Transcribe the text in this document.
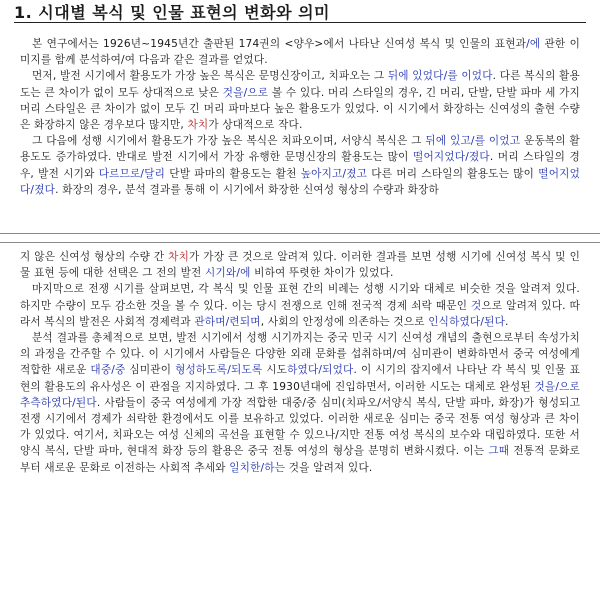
1. 시대별 복식 및 인물 표현의 변화와 의미

본 연구에서는 1926년~1945년간 출판된 174권의 <양우>에서 나타난 신여성 복식 및 인물의 표현과/에 관한 이미지를 함께 분석하여/여 다음과 같은 결과를 얻었다.

먼저, 발전 시기에서 활용도가 가장 높은 복식은 문명신장이고, 치파오는 그 뒤에 있었다/를 이었다. 다른 복식의 활용도는 큰 차이가 없이 모두 상대적으로 낮은 것을/으로 볼 수 있다. 머리 스타일의 경우, 긴 머리, 단발, 단발 파마 세 가지 머리 스타일은 큰 차이가 없이 모두 긴 머리 파마보다 높은 활용도가 있었다. 이 시기에서 화장하는 신여성의 출현 수량은 화장하지 않은 경우보다 많지만, 차치가 상대적으로 작다.

그 다음에 성행 시기에서 활용도가 가장 높은 복식은 치파오이며, 서양식 복식은 그 뒤에 있고/를 이었고 운동복의 활용도도 증가하였다. 반대로 발전 시기에서 가장 유행한 문명신장의 활용도는 많이 떨어지었다/졌다. 머리 스타일의 경우, 발전 시기와 다르므로/달리 단발 파마의 활용도는 활천 높아지고/졌고 다른 머리 스타일의 활용도는 많이 떨어지었다/졌다. 화장의 경우, 분석 결과를 통해 이 시기에서 화장한 신여성 형상의 수량과 화장하

지 않은 신여성 형상의 수량 간 차치가 가장 큰 것으로 알려져 있다. 이러한 결과를 보면 성행 시기에 신여성 복식 및 인물 표현 등에 대한 선택은 그 전의 발전 시기와/에 비하여 뚜렷한 차이가 있었다.

마지막으로 전쟁 시기를 살펴보면, 각 복식 및 인물 표현 간의 비례는 성행 시기와 대체로 비슷한 것을 알려져 있다. 하지만 수량이 모두 감소한 것을 볼 수 있다. 이는 당시 전쟁으로 인해 전국적 경제 쇠락 때문인 것으로 알려져 있다. 따라서 복식의 발전은 사회적 경제력과 관하며/련되며, 사회의 안정성에 의존하는 것으로 인식하였다/된다.

분석 결과를 총체적으로 보면, 발전 시기에서 성행 시기까지는 중국 민국 시기 신여성 개념의 출현으로부터 속성가치의 과정을 간주할 수 있다. 이 시기에서 사람들은 다양한 외래 문화를 섭취하며/여 심미관이 변화하면서 중국 여성에게 적합한 새로운 대중/중 심미관이 형성하도록/되도록 시도하였다/되었다. 이 시기의 잡지에서 나타난 각 복식 및 인물 표현의 활용도의 유사성은 이 관점을 지지하였다. 그 후 1930년대에 진입하면서, 이러한 시도는 대체로 완성된 것을/으로 추측하였다/된다. 사람들이 중국 여성에게 가장 적합한 대중/중 심미(치파오/서양식 복식, 단발 파마, 화장)가 형성되고 전쟁 시기에서 경제가 쇠락한 환경에서도 이를 보유하고 있었다. 이러한 새로운 심미는 중국 전통 여성 형상과 큰 차이가 있었다. 여기서, 치파오는 여성 신체의 곡선을 표현할 수 있으나/지만 전통 여성 복식의 보수와 대립하였다. 또한 서양식 복식, 단발 파마, 현대적 화장 등의 활용은 중국 전통 여성의 형상을 분명히 변화시켰다. 이는 그때 전통적 문화로부터 새로운 문화로 이전하는 사회적 추세와 일치한/하는 것을 알려져 있다.
